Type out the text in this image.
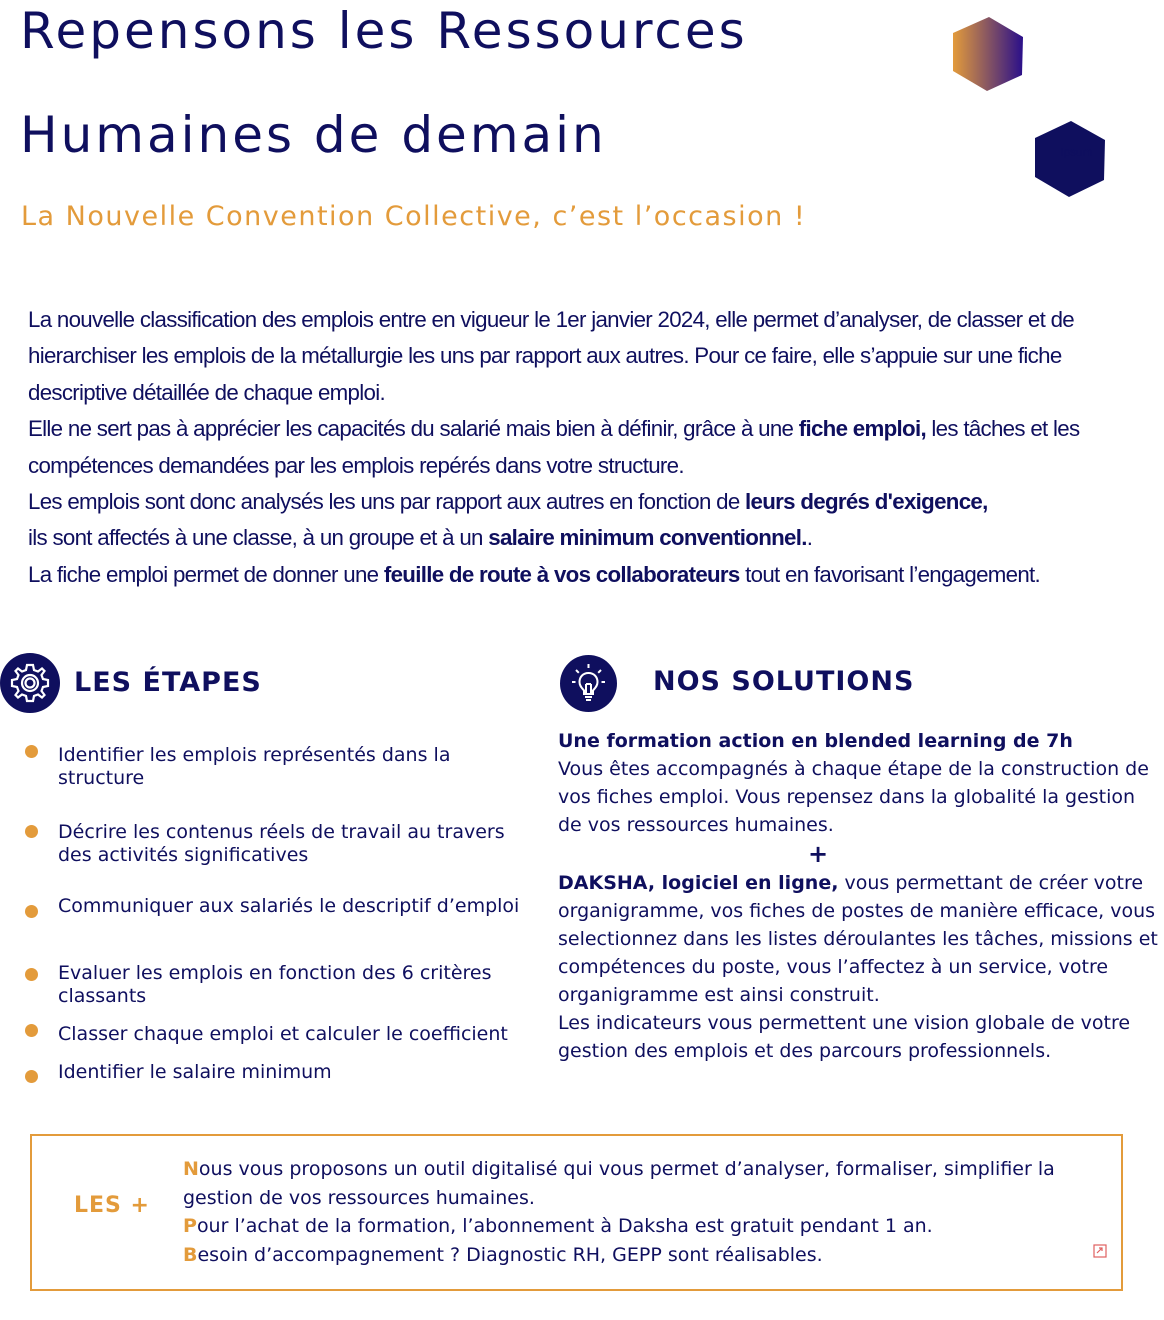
Repensons les Ressources
Humaines de demain
La Nouvelle Convention Collective, c’est l’occasion !
Ipsum

La nouvelle classification des emplois entre en vigueur le 1er janvier 2024, elle permet d’analyser, de classer et de hierarchiser les emplois de la métallurgie les uns par rapport aux autres. Pour ce faire, elle s’appuie sur une fiche descriptive détaillée de chaque emploi.

Elle ne sert pas à apprécier les capacités du salarié mais bien à définir, grâce à une fiche emploi, les tâches et les compétences demandées par les emplois repérés dans votre structure.

Les emplois sont donc analysés les uns par rapport aux autres en fonction de leurs degrés d'exigence,

ils sont affectés à une classe, à un groupe et à un salaire minimum conventionnel..

La fiche emploi permet de donner une feuille de route à vos collaborateurs tout en favorisant l’engagement.

LES ÉTAPES
Identifier les emplois représentés dans la structure
Décrire les contenus réels de travail au travers des activités significatives
Communiquer aux salariés le descriptif d’emploi
Evaluer les emplois en fonction des 6 critères classants
Classer chaque emploi et calculer le coefficient
Identifier le salaire minimum
NOS SOLUTIONS

Une formation action en blended learning de 7h

Vous êtes accompagnés à chaque étape de la construction de vos fiches emploi. Vous repensez dans la globalité la gestion de vos ressources humaines.

+

DAKSHA, logiciel en ligne, vous permettant de créer votre organigramme, vos fiches de postes de manière efficace, vous selectionnez dans les listes déroulantes les tâches, missions et compétences du poste, vous l’affectez à un service, votre organigramme est ainsi construit.

Les indicateurs vous permettent une vision globale de votre gestion des emplois et des parcours professionnels.

LES +

Nous vous proposons un outil digitalisé qui vous permet d’analyser, formaliser, simplifier la gestion de vos ressources humaines.

Pour l’achat de la formation, l’abonnement à Daksha est gratuit pendant 1 an.

Besoin d’accompagnement ? Diagnostic RH, GEPP sont réalisables.
